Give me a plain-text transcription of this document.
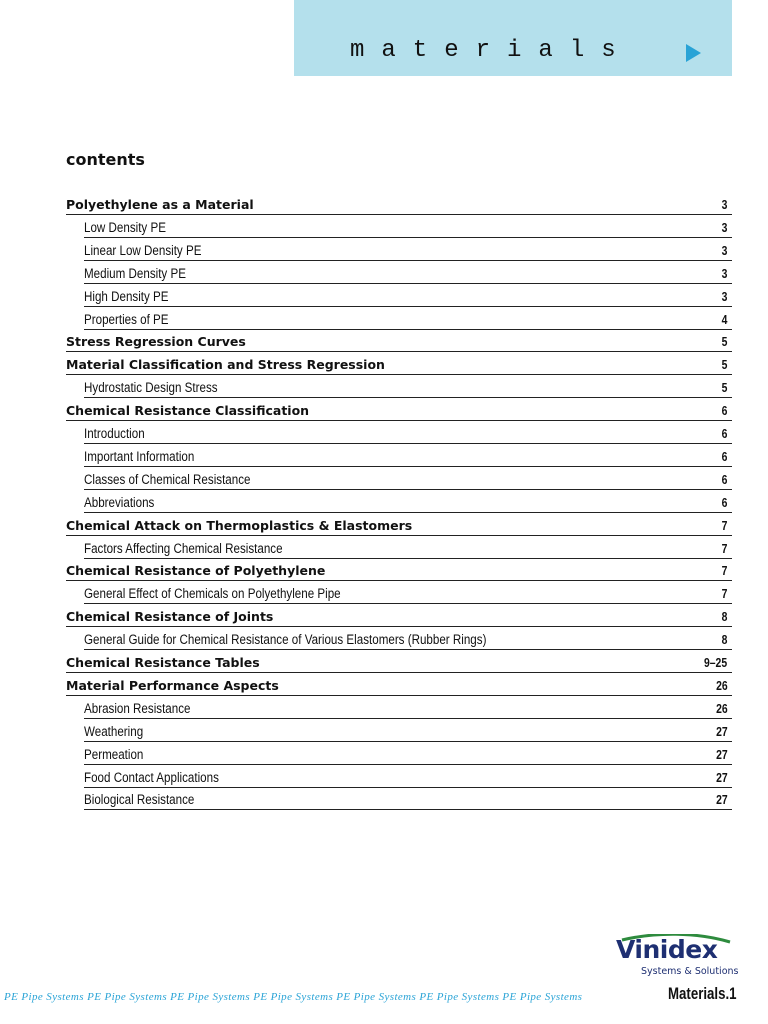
materials
contents
Polyethylene as a Material	3
Low Density PE	3
Linear Low Density PE	3
Medium Density PE	3
High Density PE	3
Properties of PE	4
Stress Regression Curves	5
Material Classification and Stress Regression	5
Hydrostatic Design Stress	5
Chemical Resistance Classification	6
Introduction	6
Important Information	6
Classes of Chemical Resistance	6
Abbreviations	6
Chemical Attack on Thermoplastics & Elastomers	7
Factors Affecting Chemical Resistance	7
Chemical Resistance of Polyethylene	7
General Effect of Chemicals on Polyethylene Pipe	7
Chemical Resistance of Joints	8
General Guide for Chemical Resistance of Various Elastomers (Rubber Rings)	8
Chemical Resistance Tables	9–25
Material Performance Aspects	26
Abrasion Resistance	26
Weathering	27
Permeation	27
Food Contact Applications	27
Biological Resistance	27
Vinidex
Systems & Solutions
PE Pipe Systems PE Pipe Systems PE Pipe Systems PE Pipe Systems PE Pipe Systems PE Pipe Systems PE Pipe Systems	Materials.1
